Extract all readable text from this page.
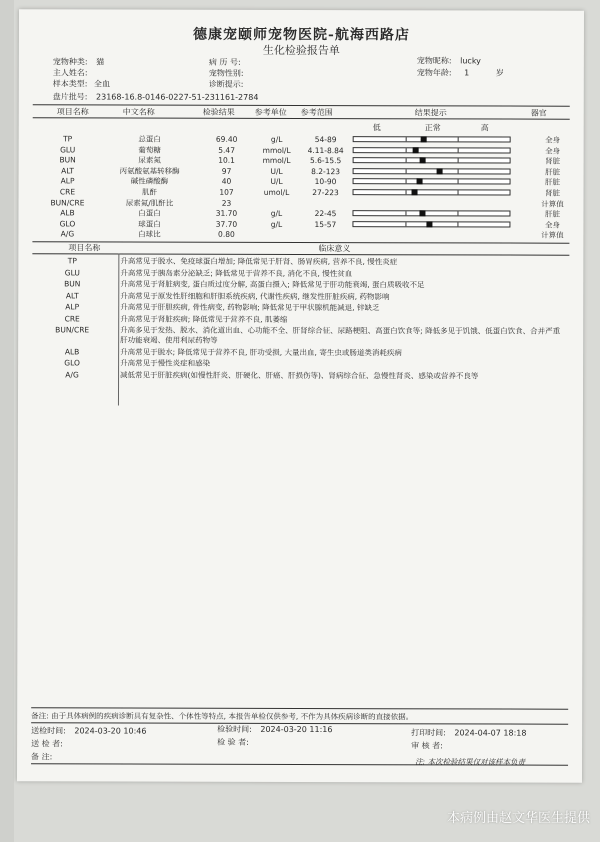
德康宠颐师宠物医院-航海西路店
生化检验报告单
宠物种类: 猫	病 历 号:	宠物昵称: lucky
主人姓名:	宠物性别:	宠物年龄: 1	岁
样本类型: 全血	诊断提示:
盘片批号: 23168-16.8-0146-0227-51-231161-2784
项目名称	中文名称	检验结果 参考单位 参考范围	结果提示	器官
低	正常	高
TP	总蛋白	69.40	g/L	54-89	全身
GLU	葡萄糖	5.47	mmol/L	4.11-8.84	全身
BUN	尿素氮	10.1	mmol/L	5.6-15.5	肾脏
ALT	丙氨酸氨基转移酶	97	U/L	8.2-123	肝脏
ALP	碱性磷酸酶	40	U/L	10-90	肝脏
CRE	肌酐	107	umol/L	27-223	肾脏
BUN/CRE	尿素氮/肌酐比	23	计算值
ALB	白蛋白	31.70	g/L	22-45	肝脏
GLO	球蛋白	37.70	g/L	15-57	全身
A/G	白球比	0.80	计算值
项目名称	临床意义
TP	升高常见于脱水、免疫球蛋白增加; 降低常见于肝肾、肠胃疾病, 营养不良, 慢性炎症
GLU	升高常见于胰岛素分泌缺乏; 降低常见于营养不良, 消化不良, 慢性贫血
BUN	升高常见于肾脏病变, 蛋白质过度分解, 高蛋白摄入; 降低常见于肝功能衰竭, 蛋白质吸收不足
ALT	升高常见于原发性肝细胞和肝胆系统疾病, 代谢性疾病, 继发性肝脏疾病, 药物影响
ALP	升高常见于肝胆疾病, 骨性病变, 药物影响; 降低常见于甲状腺机能减退, 锌缺乏
CRE	升高常见于肾脏疾病; 降低常见于营养不良, 肌萎缩
BUN/CRE	升高多见于发热、脱水、消化道出血、心功能不全、肝肾综合征、尿路梗阻、高蛋白饮食等; 降低多见于饥饿、低蛋白饮食、合并严重肝功能衰竭、使用利尿药物等
ALB	升高常见于脱水; 降低常见于营养不良, 肝功受损, 大量出血, 寄生虫或肠道类消耗疾病
GLO	升高常见于慢性炎症和感染
A/G	减低常见于肝脏疾病(如慢性肝炎、肝硬化、肝癌、肝损伤等)、肾病综合征、急慢性肾炎、感染或营养不良等
备注: 由于具体病例的疾病诊断具有复杂性、个体性等特点, 本报告单检仅供参考, 不作为具体疾病诊断的直接依据。
送检时间: 2024-03-20 10:46	检验时间: 2024-03-20 11:16	打印时间: 2024-04-07 18:18
送 检 者:	检 验 者:	审 核 者:
备 注:
注: 本次检验结果仅对该样本负责
本病例由赵文华医生提供
